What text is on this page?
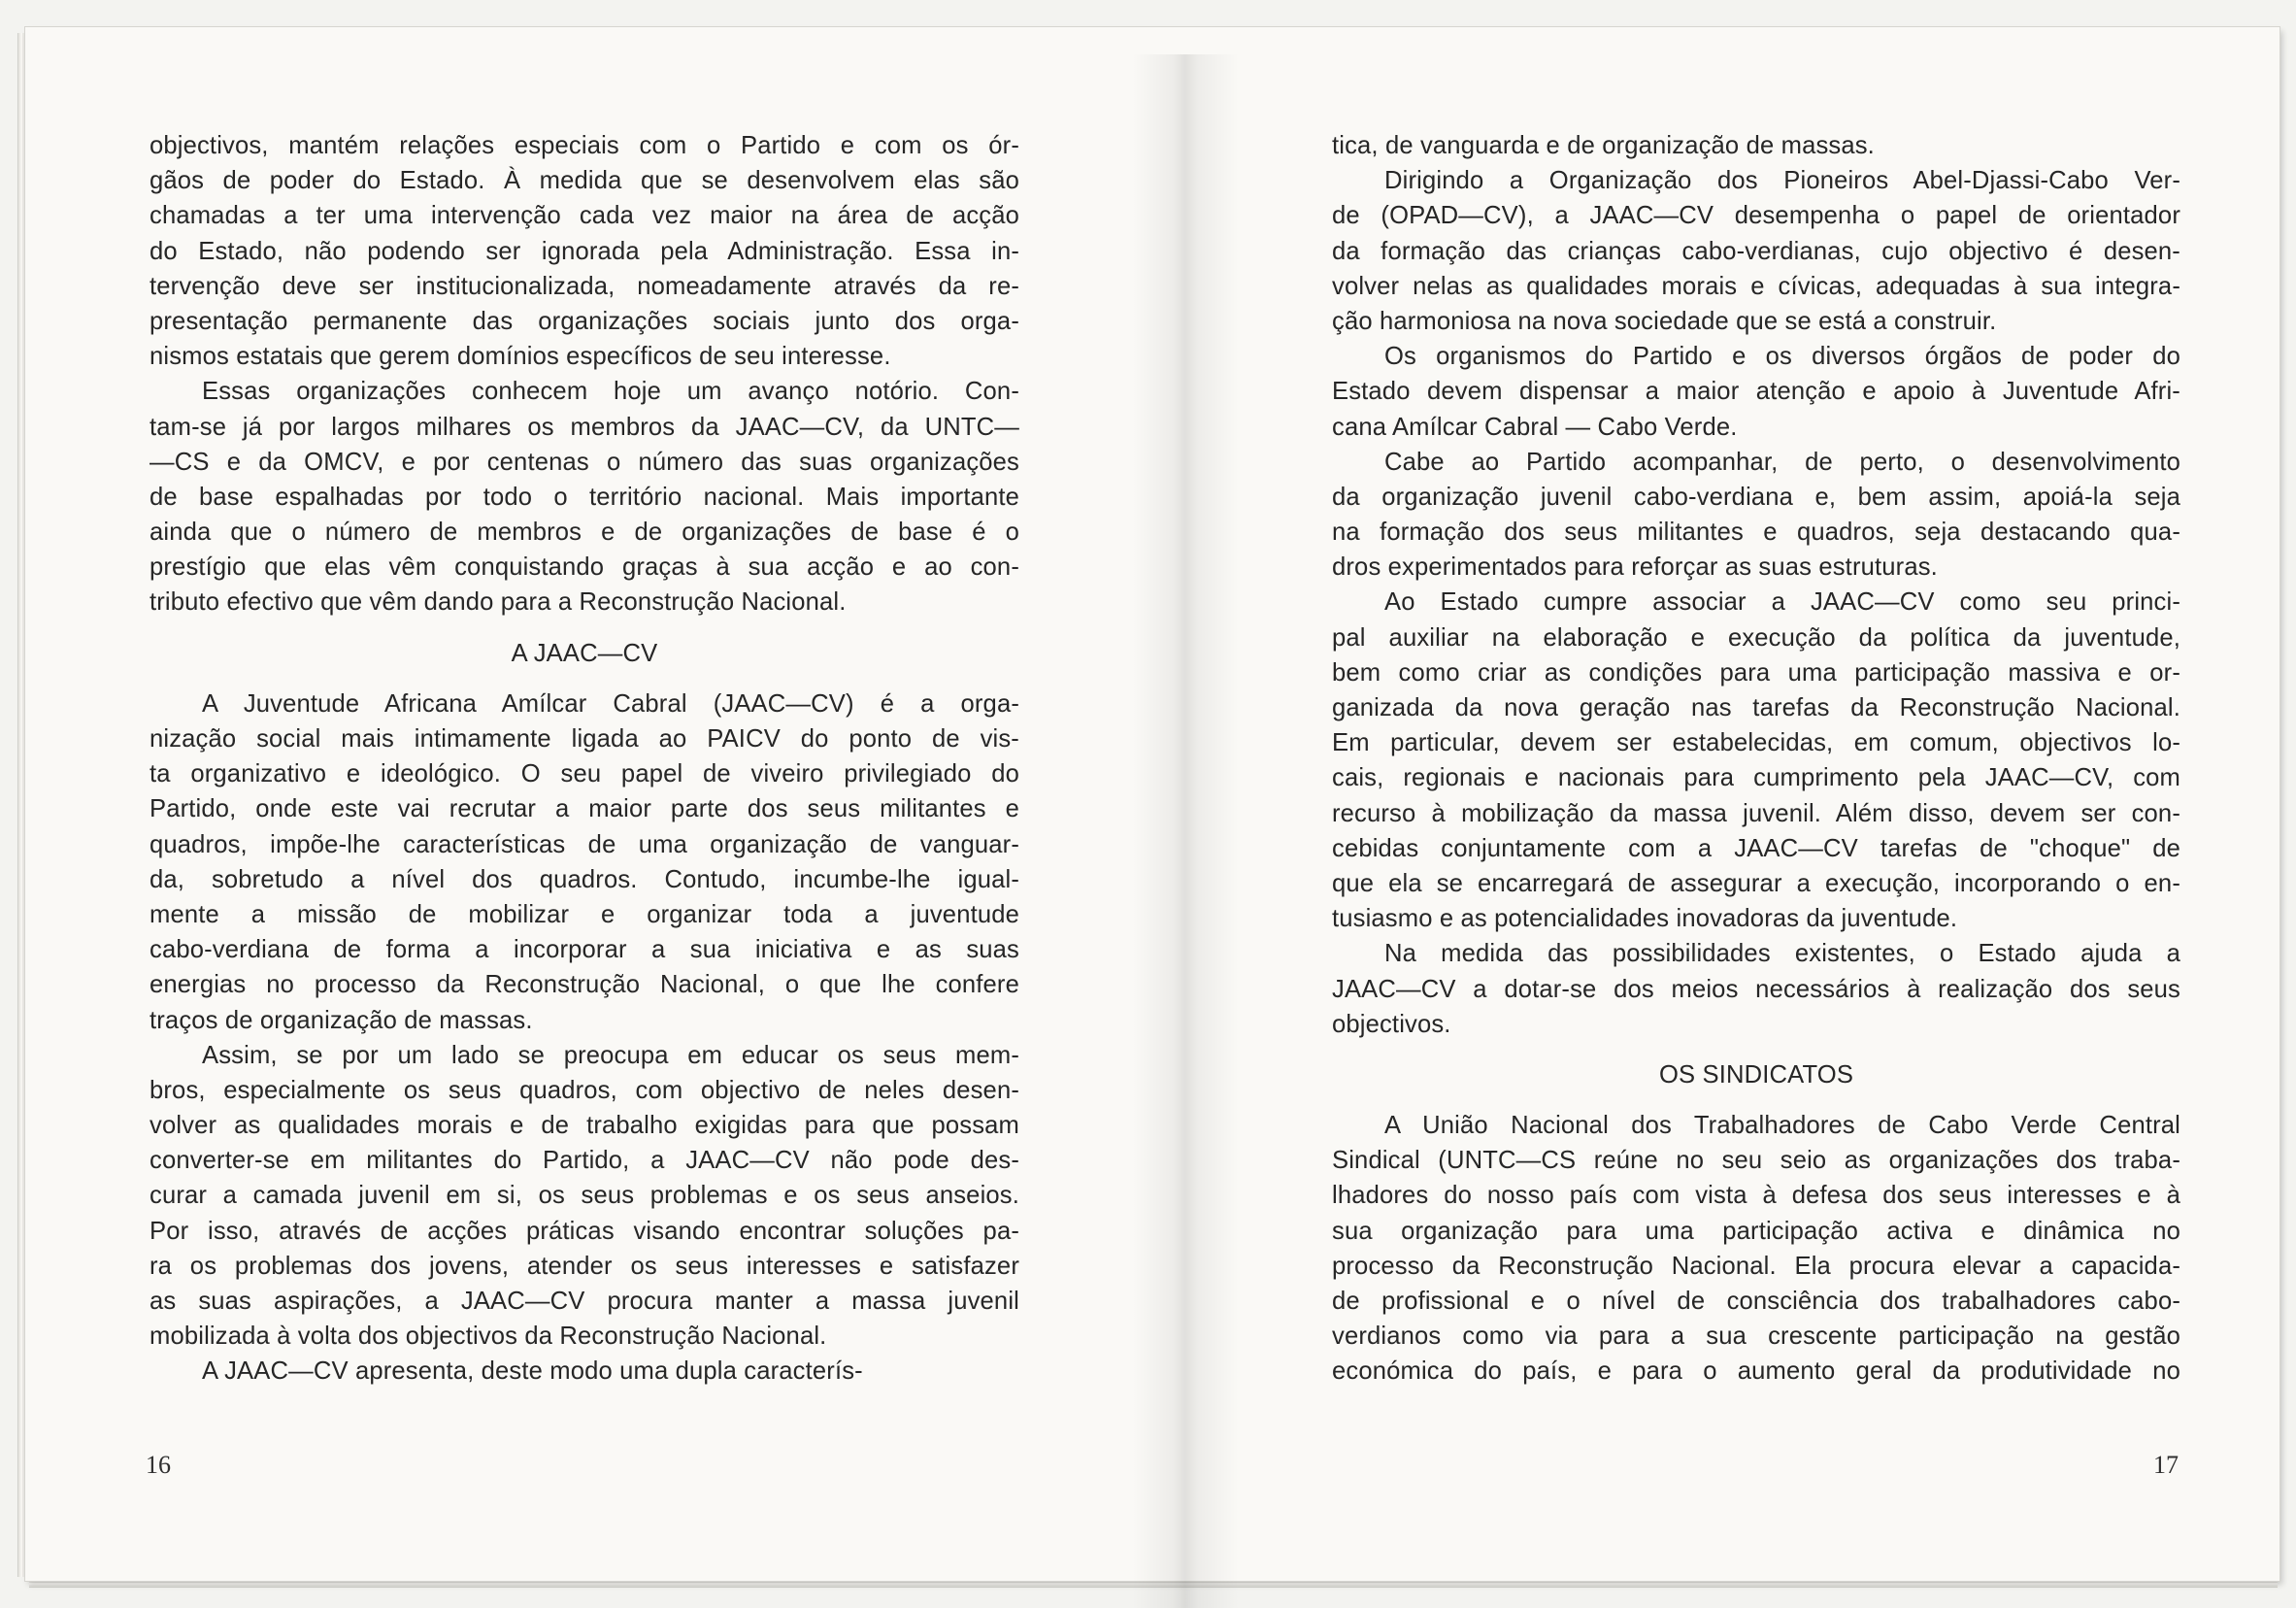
objectivos, mantém relações especiais com o Partido e com os ór-
gãos de poder do Estado. À medida que se desenvolvem elas são
chamadas a ter uma intervenção cada vez maior na área de acção
do Estado, não podendo ser ignorada pela Administração. Essa in-
tervenção deve ser institucionalizada, nomeadamente através da re-
presentação permanente das organizações sociais junto dos orga-
nismos estatais que gerem domínios específicos de seu interesse.
Essas organizações conhecem hoje um avanço notório. Con-
tam-se já por largos milhares os membros da JAAC—CV, da UNTC—
—CS e da OMCV, e por centenas o número das suas organizações
de base espalhadas por todo o território nacional. Mais importante
ainda que o número de membros e de organizações de base é o
prestígio que elas vêm conquistando graças à sua acção e ao con-
tributo efectivo que vêm dando para a Reconstrução Nacional.
A JAAC—CV
A Juventude Africana Amílcar Cabral (JAAC—CV) é a orga-
nização social mais intimamente ligada ao PAICV do ponto de vis-
ta organizativo e ideológico. O seu papel de viveiro privilegiado do
Partido, onde este vai recrutar a maior parte dos seus militantes e
quadros, impõe-lhe características de uma organização de vanguar-
da, sobretudo a nível dos quadros. Contudo, incumbe-lhe igual-
mente a missão de mobilizar e organizar toda a juventude
cabo-verdiana de forma a incorporar a sua iniciativa e as suas
energias no processo da Reconstrução Nacional, o que lhe confere
traços de organização de massas.
Assim, se por um lado se preocupa em educar os seus mem-
bros, especialmente os seus quadros, com objectivo de neles desen-
volver as qualidades morais e de trabalho exigidas para que possam
converter-se em militantes do Partido, a JAAC—CV não pode des-
curar a camada juvenil em si, os seus problemas e os seus anseios.
Por isso, através de acções práticas visando encontrar soluções pa-
ra os problemas dos jovens, atender os seus interesses e satisfazer
as suas aspirações, a JAAC—CV procura manter a massa juvenil
mobilizada à volta dos objectivos da Reconstrução Nacional.
A JAAC—CV apresenta, deste modo uma dupla caracterís-
16
tica, de vanguarda e de organização de massas.
Dirigindo a Organização dos Pioneiros Abel-Djassi-Cabo Ver-
de (OPAD—CV), a JAAC—CV desempenha o papel de orientador
da formação das crianças cabo-verdianas, cujo objectivo é desen-
volver nelas as qualidades morais e cívicas, adequadas à sua integra-
ção harmoniosa na nova sociedade que se está a construir.
Os organismos do Partido e os diversos órgãos de poder do
Estado devem dispensar a maior atenção e apoio à Juventude Afri-
cana Amílcar Cabral — Cabo Verde.
Cabe ao Partido acompanhar, de perto, o desenvolvimento
da organização juvenil cabo-verdiana e, bem assim, apoiá-la seja
na formação dos seus militantes e quadros, seja destacando qua-
dros experimentados para reforçar as suas estruturas.
Ao Estado cumpre associar a JAAC—CV como seu princi-
pal auxiliar na elaboração e execução da política da juventude,
bem como criar as condições para uma participação massiva e or-
ganizada da nova geração nas tarefas da Reconstrução Nacional.
Em particular, devem ser estabelecidas, em comum, objectivos lo-
cais, regionais e nacionais para cumprimento pela JAAC—CV, com
recurso à mobilização da massa juvenil. Além disso, devem ser con-
cebidas conjuntamente com a JAAC—CV tarefas de "choque" de
que ela se encarregará de assegurar a execução, incorporando o en-
tusiasmo e as potencialidades inovadoras da juventude.
Na medida das possibilidades existentes, o Estado ajuda a
JAAC—CV a dotar-se dos meios necessários à realização dos seus
objectivos.
OS SINDICATOS
A União Nacional dos Trabalhadores de Cabo Verde Central
Sindical (UNTC—CS reúne no seu seio as organizações dos traba-
lhadores do nosso país com vista à defesa dos seus interesses e à
sua organização para uma participação activa e dinâmica no
processo da Reconstrução Nacional. Ela procura elevar a capacida-
de profissional e o nível de consciência dos trabalhadores cabo-
verdianos como via para a sua crescente participação na gestão
económica do país, e para o aumento geral da produtividade no
17
